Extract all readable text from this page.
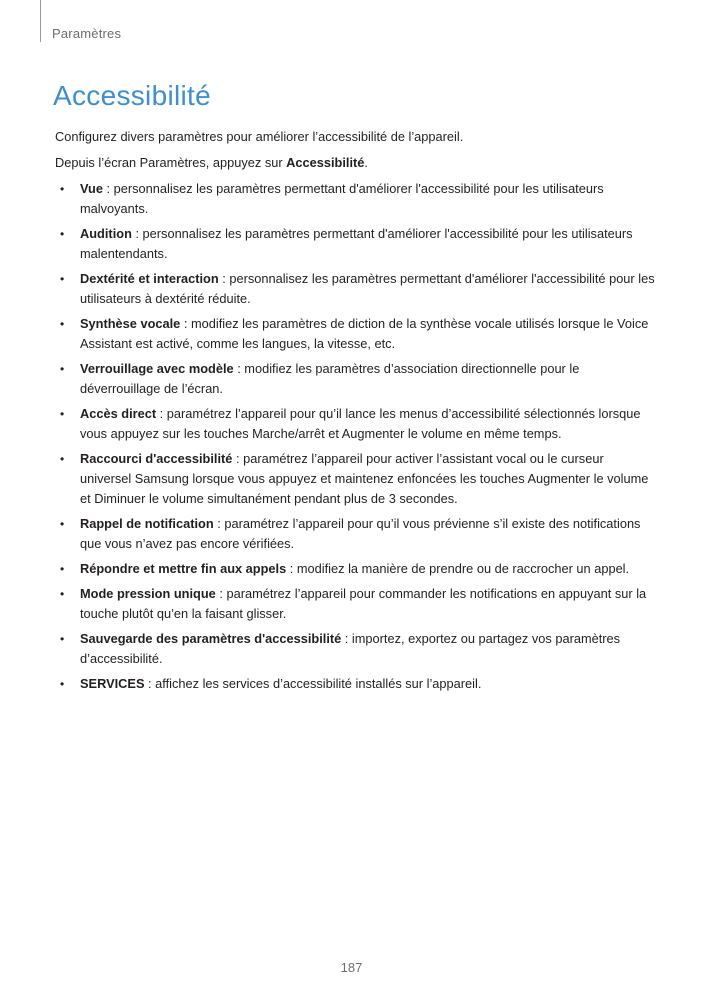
Paramètres
Accessibilité

Configurez divers paramètres pour améliorer l’accessibilité de l’appareil.

Depuis l’écran Paramètres, appuyez sur Accessibilité.

• Vue : personnalisez les paramètres permettant d'améliorer l'accessibilité pour les utilisateurs malvoyants.
• Audition : personnalisez les paramètres permettant d'améliorer l'accessibilité pour les utilisateurs malentendants.
• Dextérité et interaction : personnalisez les paramètres permettant d'améliorer l'accessibilité pour les utilisateurs à dextérité réduite.
• Synthèse vocale : modifiez les paramètres de diction de la synthèse vocale utilisés lorsque le Voice Assistant est activé, comme les langues, la vitesse, etc.
• Verrouillage avec modèle : modifiez les paramètres d’association directionnelle pour le déverrouillage de l’écran.
• Accès direct : paramétrez l’appareil pour qu’il lance les menus d’accessibilité sélectionnés lorsque vous appuyez sur les touches Marche/arrêt et Augmenter le volume en même temps.
• Raccourci d'accessibilité : paramétrez l’appareil pour activer l’assistant vocal ou le curseur universel Samsung lorsque vous appuyez et maintenez enfoncées les touches Augmenter le volume et Diminuer le volume simultanément pendant plus de 3 secondes.
• Rappel de notification : paramétrez l’appareil pour qu’il vous prévienne s’il existe des notifications que vous n’avez pas encore vérifiées.
• Répondre et mettre fin aux appels : modifiez la manière de prendre ou de raccrocher un appel.
• Mode pression unique : paramétrez l’appareil pour commander les notifications en appuyant sur la touche plutôt qu’en la faisant glisser.
• Sauvegarde des paramètres d'accessibilité : importez, exportez ou partagez vos paramètres d’accessibilité.
• SERVICES : affichez les services d’accessibilité installés sur l’appareil.
187
